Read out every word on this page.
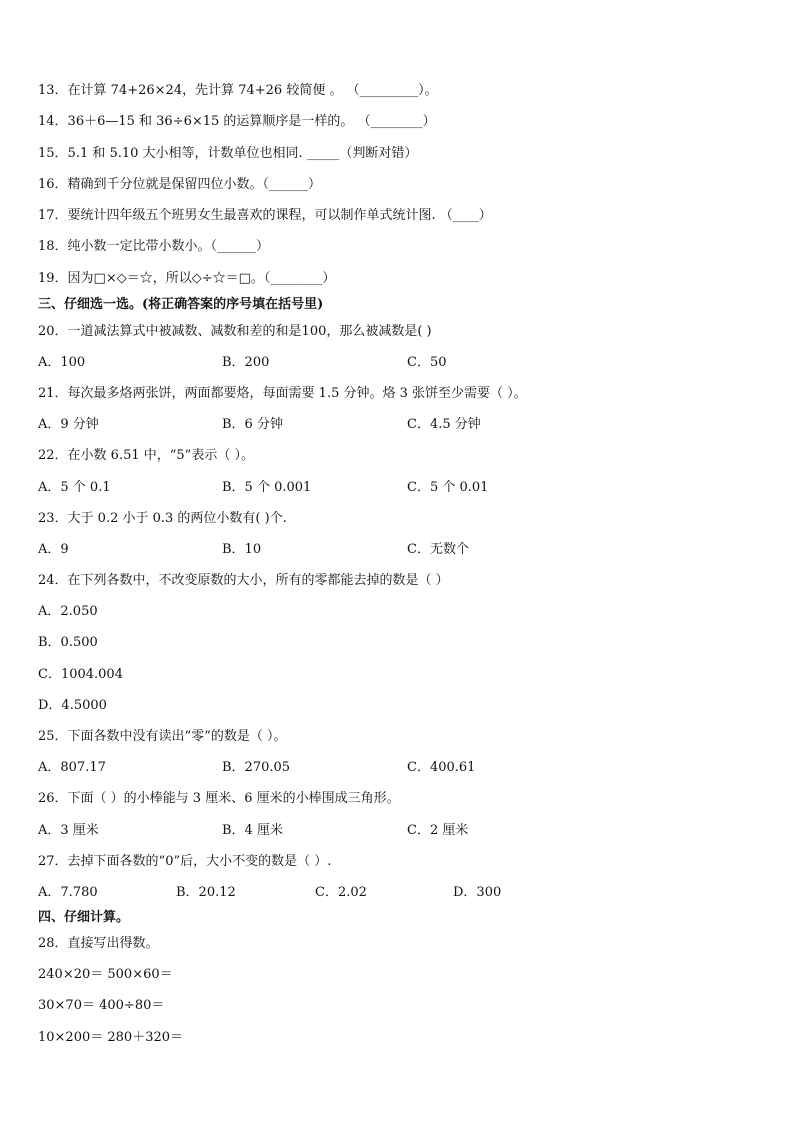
13．在计算 74+26×24，先计算 74+26 较简便 。 （_________）。
14．36＋6—15 和 36÷6×15 的运算顺序是一样的。 （________）
15．5.1 和 5.10 大小相等，计数单位也相同. _____（判断对错）
16．精确到千分位就是保留四位小数。（______）
17．要统计四年级五个班男女生最喜欢的课程，可以制作单式统计图. （____）
18．纯小数一定比带小数小。（______）
19．因为□×◇＝☆，所以◇÷☆＝□。（________）
三、仔细选一选。(将正确答案的序号填在括号里)
20．一道减法算式中被减数、减数和差的和是100，那么被减数是( )
A．100	B．200	C．50
21．每次最多烙两张饼，两面都要烙，每面需要 1.5 分钟。烙 3 张饼至少需要（ ）。
A．9 分钟	B．6 分钟	C．4.5 分钟
22．在小数 6.51 中，“5”表示（ ）。
A．5 个 0.1	B．5 个 0.001	C．5 个 0.01
23．大于 0.2 小于 0.3 的两位小数有( )个.
A．9	B．10	C．无数个
24．在下列各数中，不改变原数的大小，所有的零都能去掉的数是（ ）
A．2.050
B．0.500
C．1004.004
D．4.5000
25．下面各数中没有读出“零”的数是（ ）。
A．807.17	B．270.05	C．400.61
26．下面（ ）的小棒能与 3 厘米、6 厘米的小棒围成三角形。
A．3 厘米	B．4 厘米	C．2 厘米
27．去掉下面各数的“0”后，大小不变的数是（ ）.
A．7.780	B．20.12	C．2.02	D．300
四、仔细计算。
28．直接写出得数。
240×20＝ 500×60＝
30×70＝ 400÷80＝
10×200＝ 280＋320＝
